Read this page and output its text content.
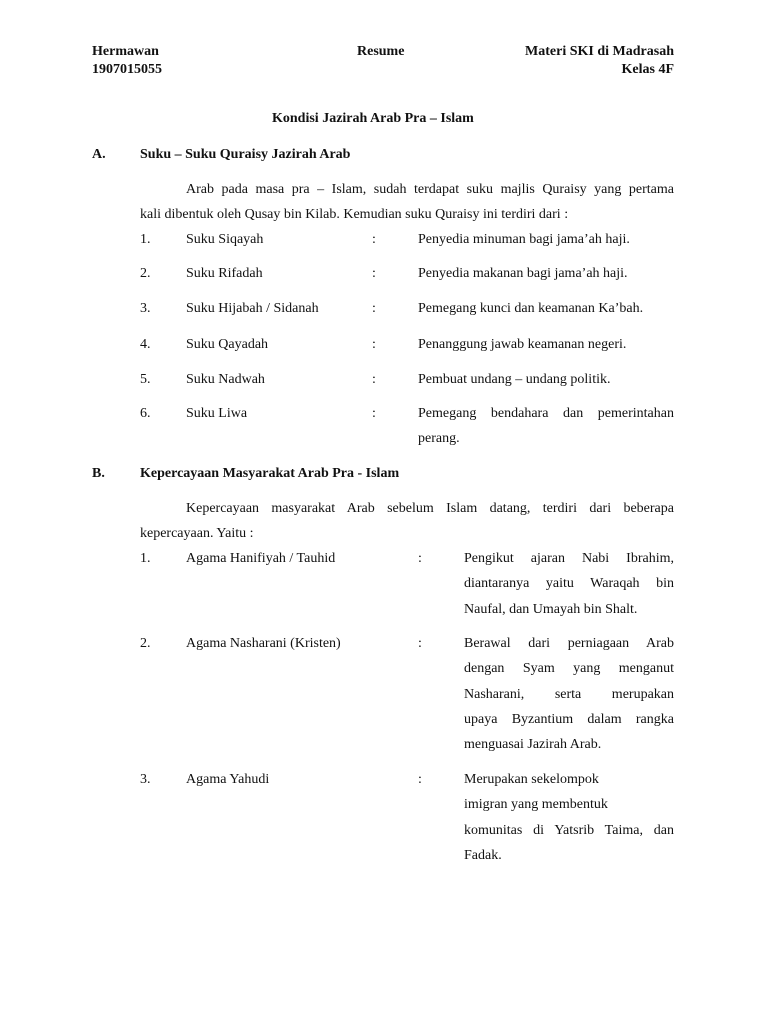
Hermawan
1907015055
Resume	Materi SKI di Madrasah
Kelas 4F
Kondisi Jazirah Arab Pra – Islam
A. Suku – Suku Quraisy Jazirah Arab
Arab pada masa pra – Islam, sudah terdapat suku majlis Quraisy yang pertama
kali dibentuk oleh Qusay bin Kilab. Kemudian suku Quraisy ini terdiri dari :
1.	Suku Siqayah	:	Penyedia minuman bagi jama’ah haji.
2.	Suku Rifadah	:	Penyedia makanan bagi jama’ah haji.
3.	Suku Hijabah / Sidanah	:	Pemegang kunci dan keamanan Ka’bah.
4.	Suku Qayadah	:	Penanggung jawab keamanan negeri.
5.	Suku Nadwah	:	Pembuat undang – undang politik.
6.	Suku Liwa	:	Pemegang bendahara dan pemerintahan
perang.
B.	Kepercayaan Masyarakat Arab Pra - Islam
Kepercayaan masyarakat Arab sebelum Islam datang, terdiri dari beberapa
kepercayaan. Yaitu :
1.	Agama Hanifiyah / Tauhid	:	Pengikut ajaran Nabi Ibrahim,
diantaranya yaitu Waraqah bin
Naufal, dan Umayah bin Shalt.
2.	Agama Nasharani (Kristen)	:	Berawal dari perniagaan Arab
dengan Syam yang menganut
Nasharani, serta merupakan
upaya Byzantium dalam rangka
menguasai Jazirah Arab.
3.	Agama Yahudi	:	Merupakan sekelompok
imigran yang membentuk
komunitas di Yatsrib Taima, dan
Fadak.
